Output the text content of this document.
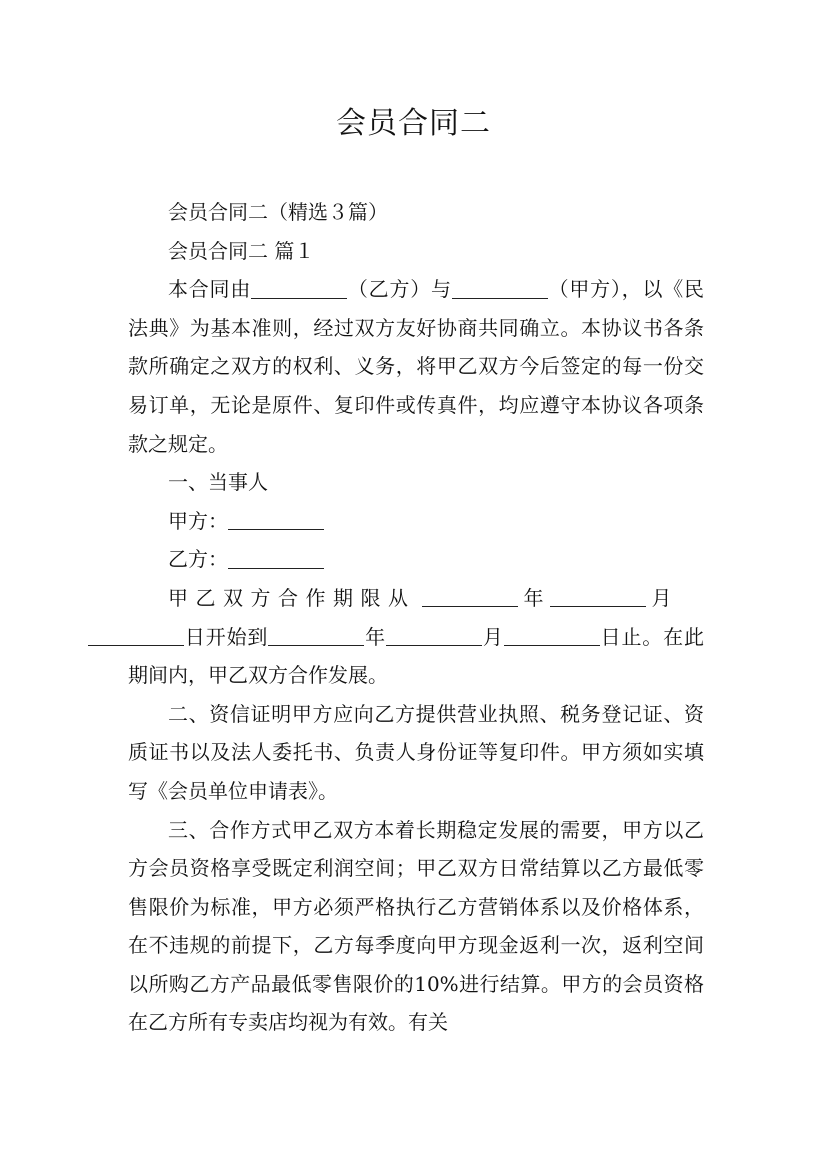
会员合同二

会员合同二（精选３篇）

会员合同二 篇１

本合同由	（乙方）与	（甲方），以《民法典》为基本准则，经过双方友好协商共同确立。本协议书各条款所确定之双方的权利、义务，将甲乙双方今后签定的每一份交易订单，无论是原件、复印件或传真件，均应遵守本协议各项条款之规定。

一、当事人

甲方：

乙方：

甲乙双方合作期限从	年	月
日开始到	年	月	日止。在此期间内，甲乙双方合作发展。

二、资信证明甲方应向乙方提供营业执照、税务登记证、资质证书以及法人委托书、负责人身份证等复印件。甲方须如实填写《会员单位申请表》。

三、合作方式甲乙双方本着长期稳定发展的需要，甲方以乙方会员资格享受既定利润空间；甲乙双方日常结算以乙方最低零售限价为标准，甲方必须严格执行乙方营销体系以及价格体系，在不违规的前提下，乙方每季度向甲方现金返利一次，返利空间以所购乙方产品最低零售限价的10%进行结算。甲方的会员资格在乙方所有专卖店均视为有效。有关
